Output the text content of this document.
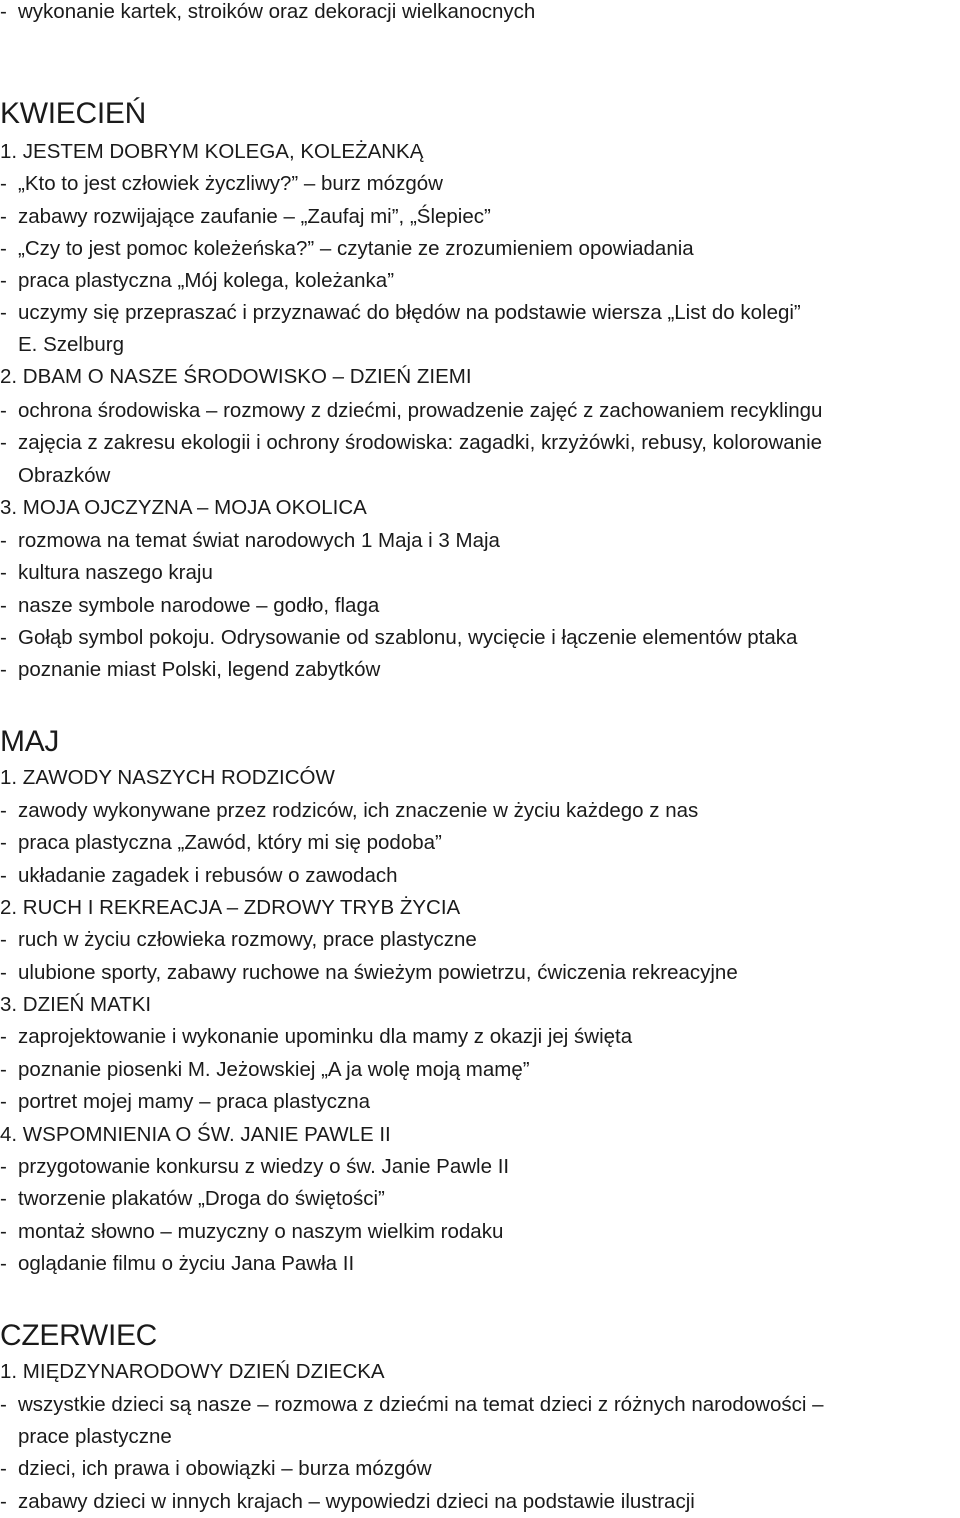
- wykonanie kartek, stroików oraz dekoracji wielkanocnych
KWIECIEŃ
1. JESTEM DOBRYM KOLEGA, KOLEŻANKĄ
- „Kto to jest człowiek życzliwy?” – burz mózgów
- zabawy rozwijające zaufanie – „Zaufaj mi”, „Ślepiec”
- „Czy to jest pomoc koleżeńska?” – czytanie ze zrozumieniem opowiadania
- praca plastyczna „Mój kolega, koleżanka”
- uczymy się przepraszać i przyznawać do błędów na podstawie wiersza „List do kolegi”
E. Szelburg
2. DBAM O NASZE ŚRODOWISKO – DZIEŃ ZIEMI
- ochrona środowiska – rozmowy z dziećmi, prowadzenie zajęć z zachowaniem recyklingu
- zajęcia z zakresu ekologii i ochrony środowiska: zagadki, krzyżówki, rebusy, kolorowanie
Obrazków
3. MOJA OJCZYZNA – MOJA OKOLICA
- rozmowa na temat świat narodowych 1 Maja i 3 Maja
- kultura naszego kraju
- nasze symbole narodowe – godło, flaga
- Gołąb symbol pokoju. Odrysowanie od szablonu, wycięcie i łączenie elementów ptaka
- poznanie miast Polski, legend zabytków
MAJ
1. ZAWODY NASZYCH RODZICÓW
- zawody wykonywane przez rodziców, ich znaczenie w życiu każdego z nas
- praca plastyczna „Zawód, który mi się podoba”
- układanie zagadek i rebusów o zawodach
2. RUCH I REKREACJA – ZDROWY TRYB ŻYCIA
- ruch w życiu człowieka rozmowy, prace plastyczne
- ulubione sporty, zabawy ruchowe na świeżym powietrzu, ćwiczenia rekreacyjne
3. DZIEŃ MATKI
- zaprojektowanie i wykonanie upominku dla mamy z okazji jej święta
- poznanie piosenki M. Jeżowskiej „A ja wolę moją mamę”
- portret mojej mamy – praca plastyczna
4. WSPOMNIENIA O ŚW. JANIE PAWLE II
- przygotowanie konkursu z wiedzy o św. Janie Pawle II
- tworzenie plakatów „Droga do świętości”
- montaż słowno – muzyczny o naszym wielkim rodaku
- oglądanie filmu o życiu Jana Pawła II
CZERWIEC
1. MIĘDZYNARODOWY DZIEŃ DZIECKA
- wszystkie dzieci są nasze – rozmowa z dziećmi na temat dzieci z różnych narodowości –
prace plastyczne
- dzieci, ich prawa i obowiązki – burza mózgów
- zabawy dzieci w innych krajach – wypowiedzi dzieci na podstawie ilustracji
